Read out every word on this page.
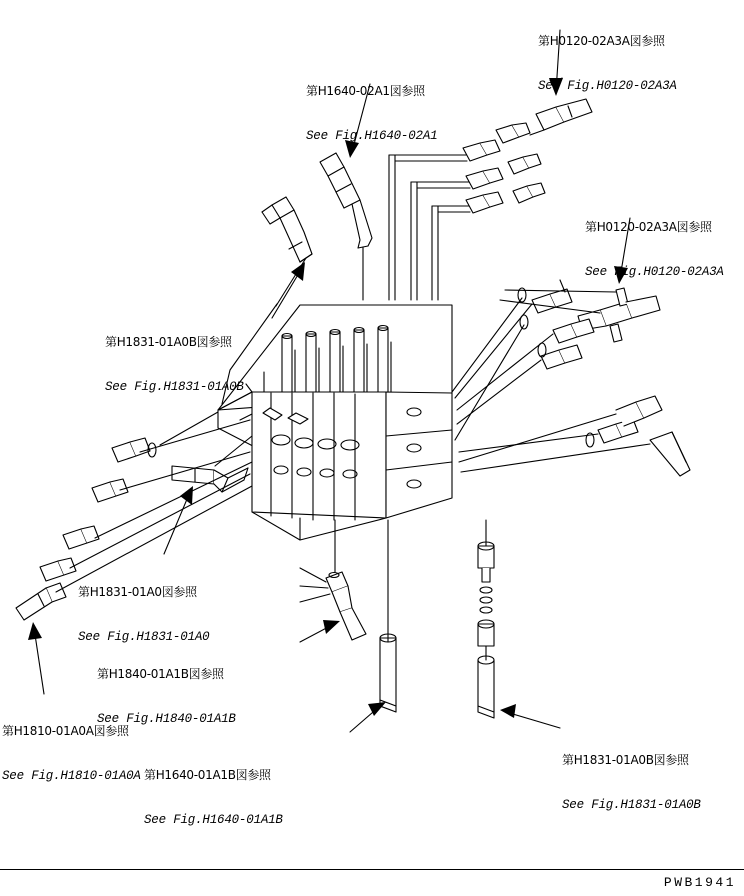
第H0120-02A3A図参照

See Fig.H0120-02A3A

第H1640-02A1図参照

See Fig.H1640-02A1

第H0120-02A3A図参照

See Fig.H0120-02A3A

第H1831-01A0B図参照

See Fig.H1831-01A0B

第H1831-01A0図参照

See Fig.H1831-01A0

第H1840-01A1B図参照

See Fig.H1840-01A1B

第H1810-01A0A図参照

See Fig.H1810-01A0A

第H1640-01A1B図参照

See Fig.H1640-01A1B

第H1831-01A0B図参照

See Fig.H1831-01A0B

PWB1941
